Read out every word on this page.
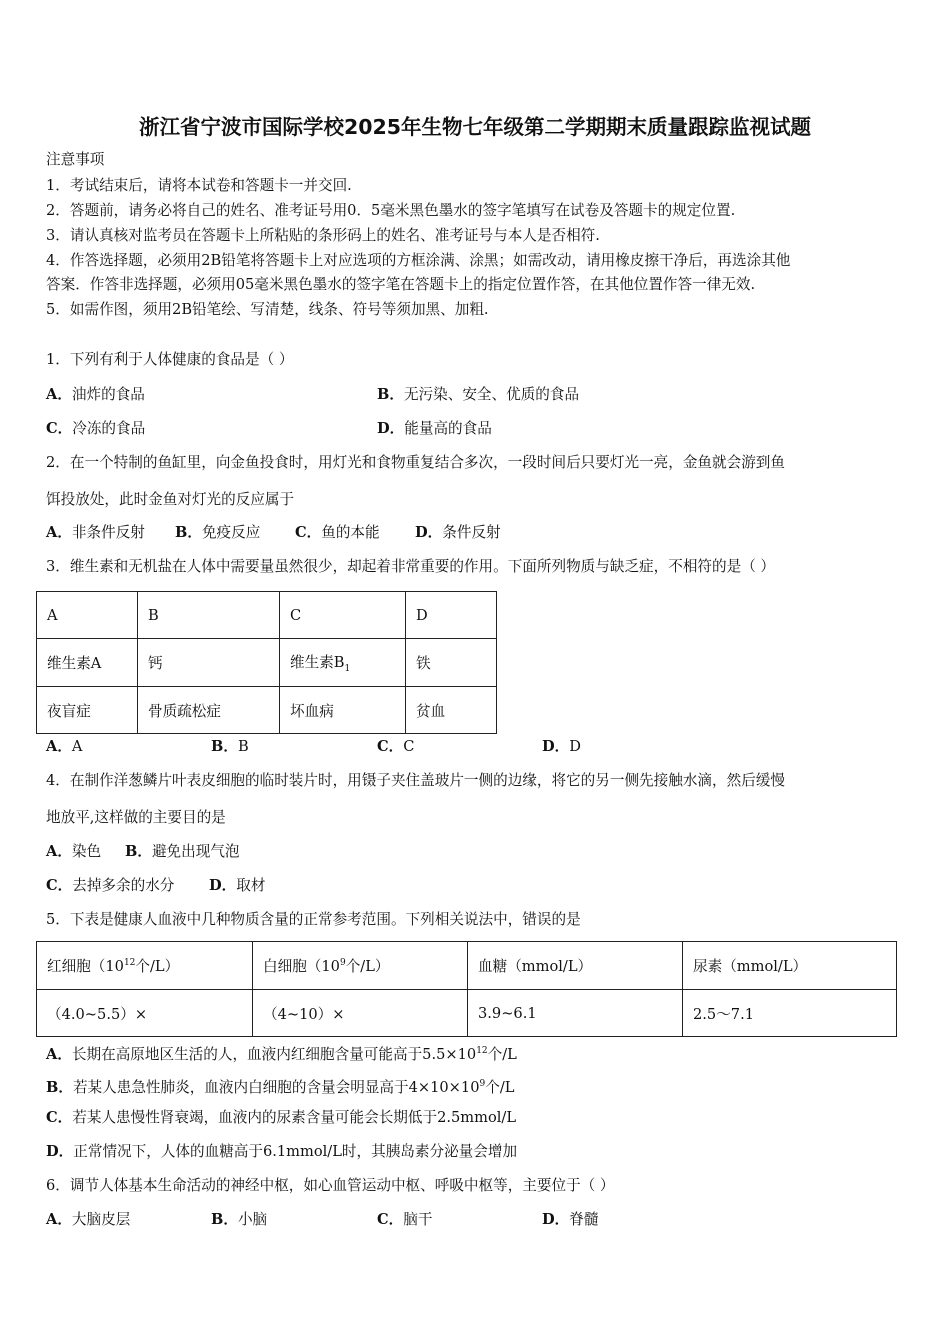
浙江省宁波市国际学校2025年生物七年级第二学期期末质量跟踪监视试题
注意事项
1．考试结束后，请将本试卷和答题卡一并交回.
2．答题前，请务必将自己的姓名、准考证号用0．5毫米黑色墨水的签字笔填写在试卷及答题卡的规定位置.
3．请认真核对监考员在答题卡上所粘贴的条形码上的姓名、准考证号与本人是否相符.
4．作答选择题，必须用2B铅笔将答题卡上对应选项的方框涂满、涂黑；如需改动，请用橡皮擦干净后，再选涂其他
答案．作答非选择题，必须用05毫米黑色墨水的签字笔在答题卡上的指定位置作答，在其他位置作答一律无效.
5．如需作图，须用2B铅笔绘、写清楚，线条、符号等须加黑、加粗.
1．下列有利于人体健康的食品是（ ）
A．油炸的食品	B．无污染、安全、优质的食品
C．冷冻的食品	D．能量高的食品
2．在一个特制的鱼缸里，向金鱼投食时，用灯光和食物重复结合多次，一段时间后只要灯光一亮，金鱼就会游到鱼
饵投放处，此时金鱼对灯光的反应属于
A．非条件反射 B．免疫反应 C．鱼的本能 D．条件反射
3．维生素和无机盐在人体中需要量虽然很少，却起着非常重要的作用。下面所列物质与缺乏症，不相符的是（ ）
A	B	C	D
维生素A	钙	维生素$B_1$	铁
夜盲症	骨质疏松症	坏血病	贫血
A．A	B．B	C．C	D．D
4．在制作洋葱鳞片叶表皮细胞的临时装片时，用镊子夹住盖玻片一侧的边缘，将它的另一侧先接触水滴，然后缓慢
地放平,这样做的主要目的是
A．染色 B．避免出现气泡
C．去掉多余的水分 D．取材
5．下表是健康人血液中几种物质含量的正常参考范围。下列相关说法中，错误的是
红细胞（$10^{12}$个/L）	白细胞（$10^9$个/L）	血糖（mmol/L）	尿素（mmol/L）
（4.0~5.5）×	（4~10）×	3.9~6.1	2.5～7.1
A．长期在高原地区生活的人，血液内红细胞含量可能高于$5.5\times 10^{12}$个/L
B．若某人患急性肺炎，血液内白细胞的含量会明显高于$4\times 10\times 10^9$个/L
C．若某人患慢性肾衰竭，血液内的尿素含量可能会长期低于2.5mmol/L
D．正常情况下，人体的血糖高于6.1mmol/L时，其胰岛素分泌量会增加
6．调节人体基本生命活动的神经中枢，如心血管运动中枢、呼吸中枢等，主要位于（ ）
A．大脑皮层	B．小脑	C．脑干	D．脊髓
